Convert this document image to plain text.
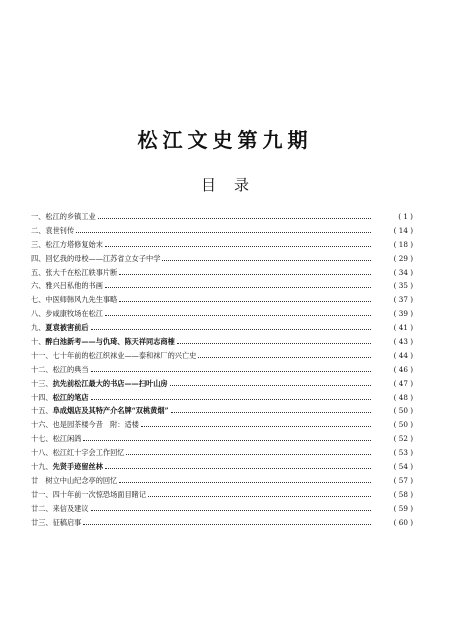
松江文史第九期
目录
一、 松江的乡镇工业	( 1 )
二、 袁世钊传	( 14 )
三、 松江方塔修复始末	( 18 )
四、 回忆我的母校——江苏省立女子中学	( 29 )
五、 张大千在松江轶事片断	( 34 )
六、 雅兴吕私他的书画	( 35 )
七、 中医师韩风九先生事略	( 37 )
八、 步咸康牧场在松江	( 39 )
九、 夏袁被害前后	( 41 )
十、 醉白池新考——与仇琦、陈天祥同志商榷	( 43 )
十一、 七十年前的松江织袜业——泰和袜厂的兴亡史	( 44 )
十二、 松江的典当	( 46 )
十三、 抗先前松江最大的书店——扫叶山房	( 47 )
十四、 松江的笔店	( 48 )
十五、 阜成烟店及其特产介名牌“双桃黄烟”	( 50 )
十六、 也是园茶楼今昔　附：适楼	( 50 )
十七、 松江闲鸽	( 52 )
十八、 松江红十字会工作回忆	( 53 )
十九、 先贤手迹留丝林	( 54 )
廿　 树立中山纪念亭的回忆	( 57 )
廿一、 四十年前一次惊恐场面目睹记	( 58 )
廿二、 来信及建议	( 59 )
廿三、 征稿启事	( 60 )
